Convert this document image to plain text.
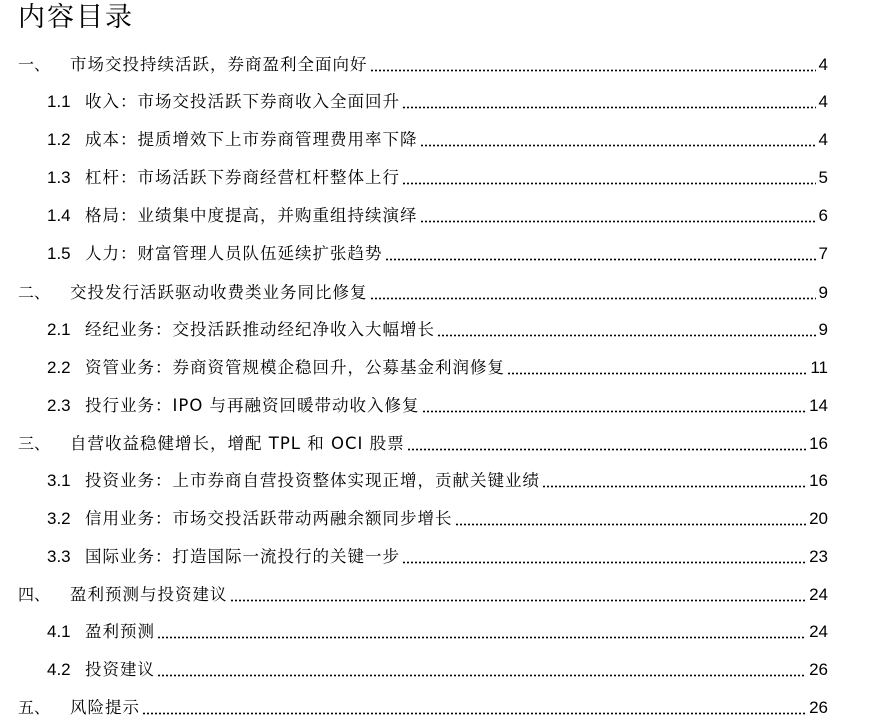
内容目录
一、	市场交投持续活跃，券商盈利全面向好	4
1.1 收入：市场交投活跃下券商收入全面回升	4
1.2 成本：提质增效下上市券商管理费用率下降	4
1.3 杠杆：市场活跃下券商经营杠杆整体上行	5
1.4 格局：业绩集中度提高，并购重组持续演绎	6
1.5 人力：财富管理人员队伍延续扩张趋势	7
二、	交投发行活跃驱动收费类业务同比修复	9
2.1 经纪业务：交投活跃推动经纪净收入大幅增长	9
2.2 资管业务：券商资管规模企稳回升，公募基金利润修复	11
2.3 投行业务：IPO 与再融资回暖带动收入修复	14
三、	自营收益稳健增长，增配 TPL 和 OCI 股票	16
3.1 投资业务：上市券商自营投资整体实现正增，贡献关键业绩	16
3.2 信用业务：市场交投活跃带动两融余额同步增长	20
3.3 国际业务：打造国际一流投行的关键一步	23
四、	盈利预测与投资建议	24
4.1 盈利预测	24
4.2 投资建议	26
五、	风险提示	26
